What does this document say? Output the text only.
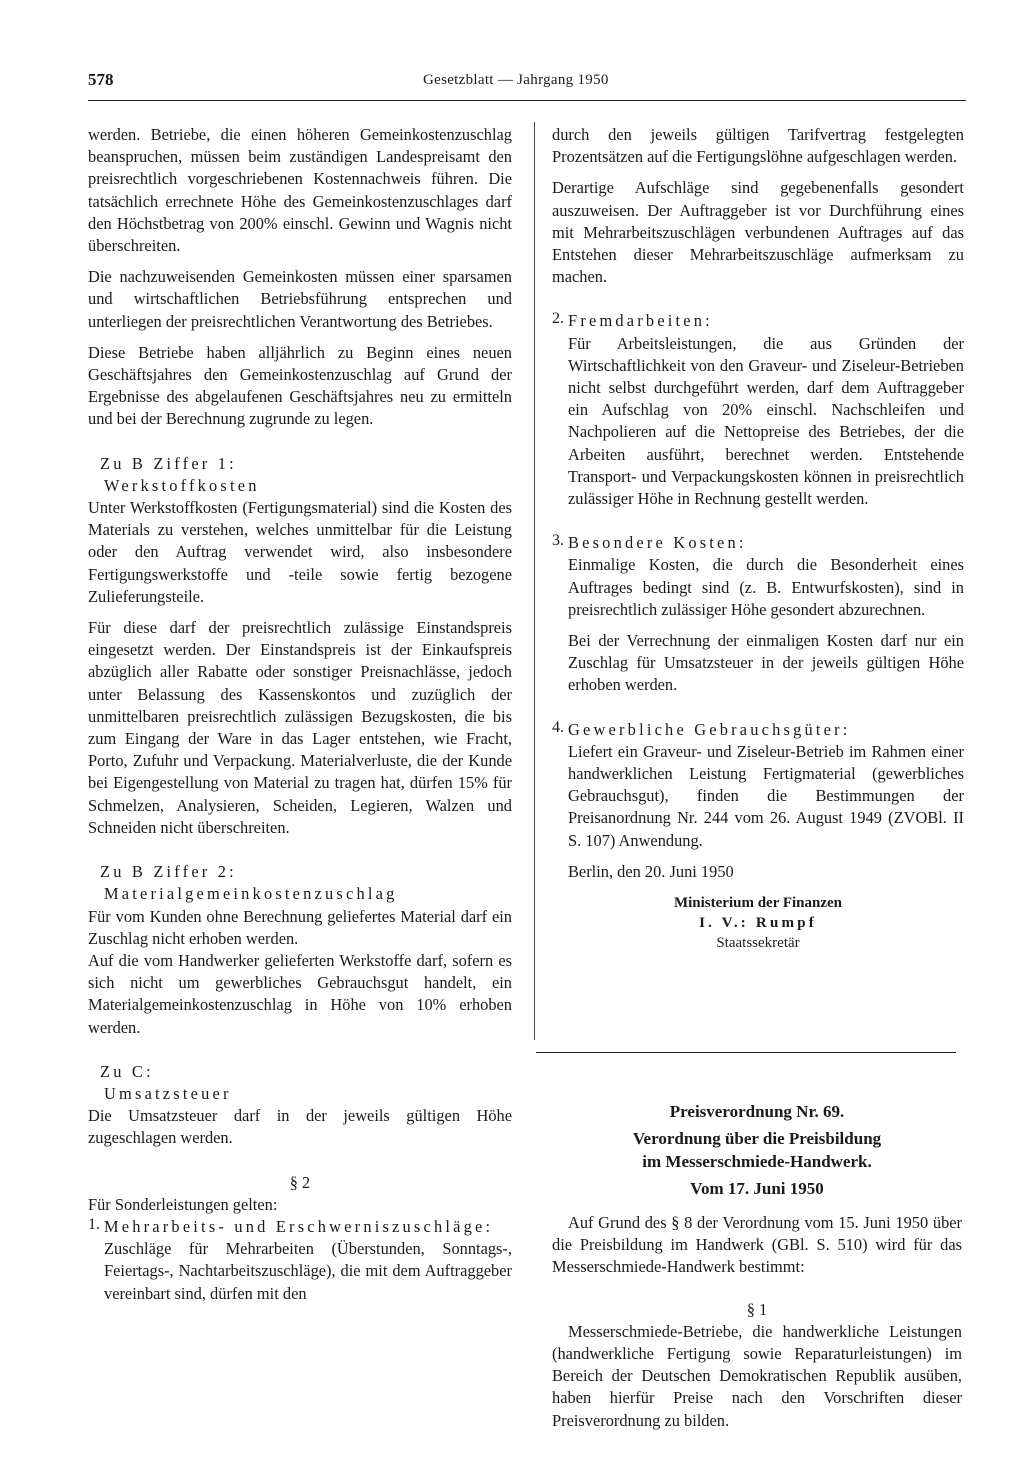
578	Gesetzblatt — Jahrgang 1950

werden. Betriebe, die einen höheren Gemeinkostenzuschlag beanspruchen, müssen beim zuständigen Landespreisamt den preisrechtlich vorgeschriebenen Kostennachweis führen. Die tatsächlich errechnete Höhe des Gemeinkostenzuschlages darf den Höchstbetrag von 200% einschl. Gewinn und Wagnis nicht überschreiten.

Die nachzuweisenden Gemeinkosten müssen einer sparsamen und wirtschaftlichen Betriebsführung entsprechen und unterliegen der preisrechtlichen Verantwortung des Betriebes.

Diese Betriebe haben alljährlich zu Beginn eines neuen Geschäftsjahres den Gemeinkostenzuschlag auf Grund der Ergebnisse des abgelaufenen Geschäftsjahres neu zu ermitteln und bei der Berechnung zugrunde zu legen.

Zu B Ziffer 1:

Werkstoffkosten

Unter Werkstoffkosten (Fertigungsmaterial) sind die Kosten des Materials zu verstehen, welches unmittelbar für die Leistung oder den Auftrag verwendet wird, also insbesondere Fertigungswerkstoffe und -teile sowie fertig bezogene Zulieferungsteile.

Für diese darf der preisrechtlich zulässige Einstandspreis eingesetzt werden. Der Einstandspreis ist der Einkaufspreis abzüglich aller Rabatte oder sonstiger Preisnachlässe, jedoch unter Belassung des Kassenskontos und zuzüglich der unmittelbaren preisrechtlich zulässigen Bezugskosten, die bis zum Eingang der Ware in das Lager entstehen, wie Fracht, Porto, Zufuhr und Verpackung. Materialverluste, die der Kunde bei Eigengestellung von Material zu tragen hat, dürfen 15% für Schmelzen, Analysieren, Scheiden, Legieren, Walzen und Schneiden nicht überschreiten.

Zu B Ziffer 2:

Materialgemeinkostenzuschlag

Für vom Kunden ohne Berechnung geliefertes Material darf ein Zuschlag nicht erhoben werden.

Auf die vom Handwerker gelieferten Werkstoffe darf, sofern es sich nicht um gewerbliches Gebrauchsgut handelt, ein Materialgemeinkostenzuschlag in Höhe von 10% erhoben werden.

Zu C:

Umsatzsteuer

Die Umsatzsteuer darf in der jeweils gültigen Höhe zugeschlagen werden.

§ 2

Für Sonderleistungen gelten:

1. Mehrarbeits- und Erschwerniszuschläge:

Zuschläge für Mehrarbeiten (Überstunden, Sonntags-, Feiertags-, Nachtarbeitszuschläge), die mit dem Auftraggeber vereinbart sind, dürfen mit den

durch den jeweils gültigen Tarifvertrag festgelegten Prozentsätzen auf die Fertigungslöhne aufgeschlagen werden.

Derartige Aufschläge sind gegebenenfalls gesondert auszuweisen. Der Auftraggeber ist vor Durchführung eines mit Mehrarbeitszuschlägen verbundenen Auftrages auf das Entstehen dieser Mehrarbeitszuschläge aufmerksam zu machen.

2. Fremdarbeiten:

Für Arbeitsleistungen, die aus Gründen der Wirtschaftlichkeit von den Graveur- und Ziseleur-Betrieben nicht selbst durchgeführt werden, darf dem Auftraggeber ein Aufschlag von 20% einschl. Nachschleifen und Nachpolieren auf die Nettopreise des Betriebes, der die Arbeiten ausführt, berechnet werden. Entstehende Transport- und Verpackungskosten können in preisrechtlich zulässiger Höhe in Rechnung gestellt werden.

3. Besondere Kosten:

Einmalige Kosten, die durch die Besonderheit eines Auftrages bedingt sind (z. B. Entwurfskosten), sind in preisrechtlich zulässiger Höhe gesondert abzurechnen.

Bei der Verrechnung der einmaligen Kosten darf nur ein Zuschlag für Umsatzsteuer in der jeweils gültigen Höhe erhoben werden.

4. Gewerbliche Gebrauchsgüter:

Liefert ein Graveur- und Ziseleur-Betrieb im Rahmen einer handwerklichen Leistung Fertigmaterial (gewerbliches Gebrauchsgut), finden die Bestimmungen der Preisanordnung Nr. 244 vom 26. August 1949 (ZVOBl. II S. 107) Anwendung.

Berlin, den 20. Juni 1950

Ministerium der Finanzen

I. V.: Rumpf

Staatssekretär

Preisverordnung Nr. 69.

Verordnung über die Preisbildung

im Messerschmiede-Handwerk.

Vom 17. Juni 1950

Auf Grund des § 8 der Verordnung vom 15. Juni 1950 über die Preisbildung im Handwerk (GBl. S. 510) wird für das Messerschmiede-Handwerk bestimmt:

§ 1

Messerschmiede-Betriebe, die handwerkliche Leistungen (handwerkliche Fertigung sowie Reparaturleistungen) im Bereich der Deutschen Demokratischen Republik ausüben, haben hierfür Preise nach den Vorschriften dieser Preisverordnung zu bilden.
